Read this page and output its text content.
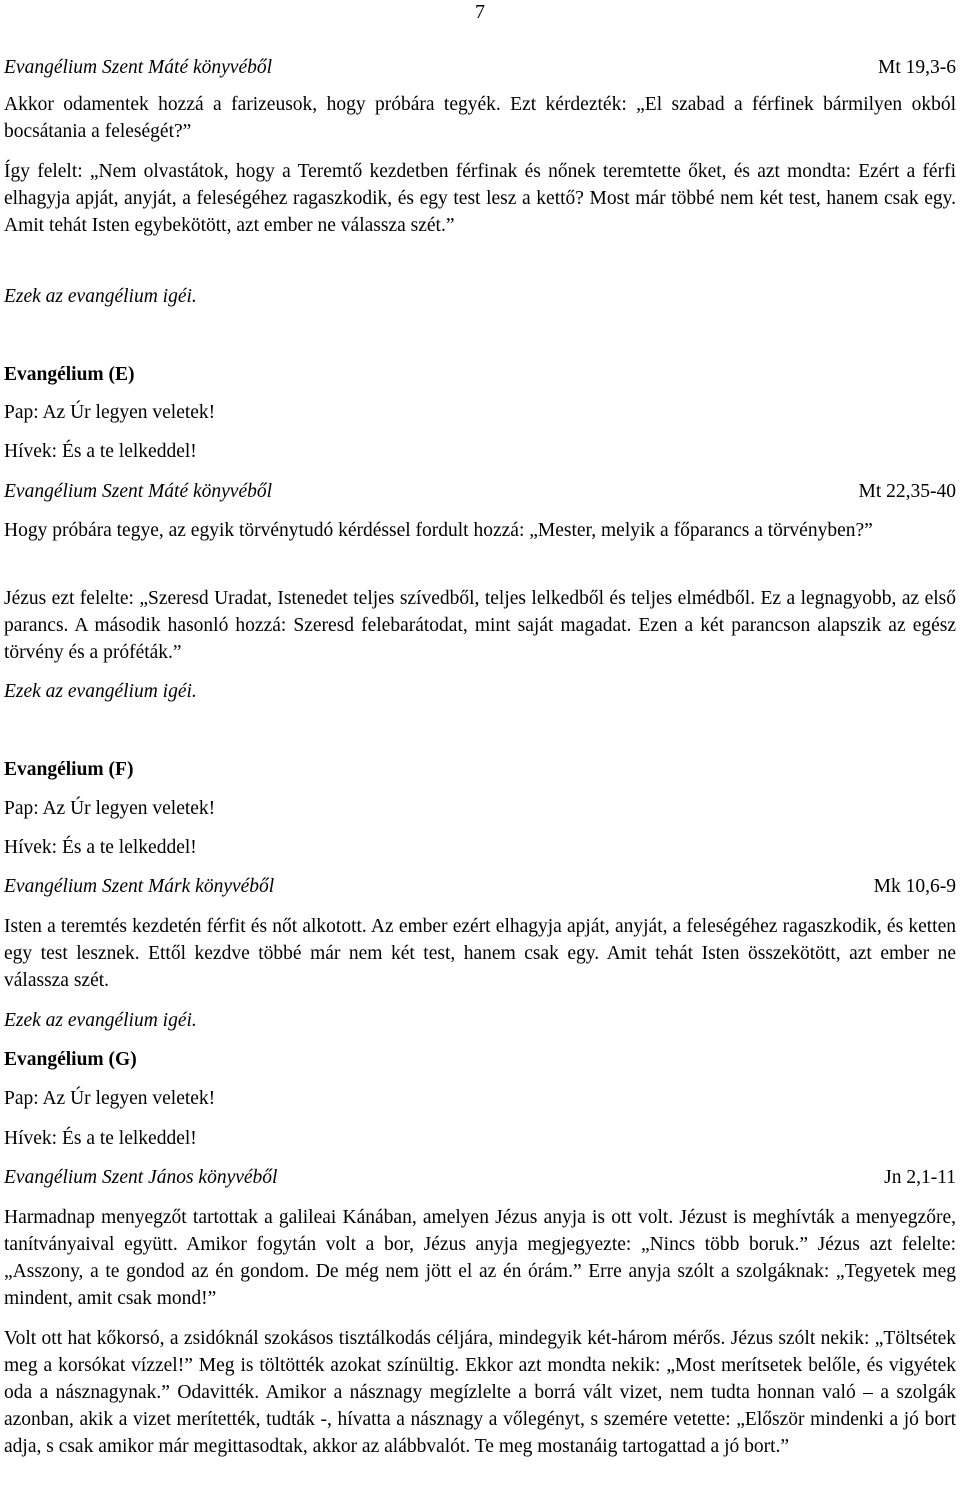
7
Evangélium Szent Máté könyvéből	Mt 19,3-6

Akkor odamentek hozzá a farizeusok, hogy próbára tegyék. Ezt kérdezték: „El szabad a férfinek bármilyen okból bocsátania a feleségét?”

Így felelt: „Nem olvastátok, hogy a Teremtő kezdetben férfinak és nőnek teremtette őket, és azt mondta: Ezért a férfi elhagyja apját, anyját, a feleségéhez ragaszkodik, és egy test lesz a kettő? Most már többé nem két test, hanem csak egy. Amit tehát Isten egybekötött, azt ember ne válassza szét.”

Ezek az evangélium igéi.
Evangélium (E)
Pap: Az Úr legyen veletek!
Hívek: És a te lelkeddel!
Evangélium Szent Máté könyvéből	Mt 22,35-40

Hogy próbára tegye, az egyik törvénytudó kérdéssel fordult hozzá: „Mester, melyik a főparancs a törvényben?”

Jézus ezt felelte: „Szeresd Uradat, Istenedet teljes szívedből, teljes lelkedből és teljes elmédből. Ez a legnagyobb, az első parancs. A második hasonló hozzá: Szeresd felebarátodat, mint saját magadat. Ezen a két parancson alapszik az egész törvény és a próféták.”

Ezek az evangélium igéi.
Evangélium (F)
Pap: Az Úr legyen veletek!
Hívek: És a te lelkeddel!
Evangélium Szent Márk könyvéből	Mk 10,6-9

Isten a teremtés kezdetén férfit és nőt alkotott. Az ember ezért elhagyja apját, anyját, a feleségéhez ragaszkodik, és ketten egy test lesznek. Ettől kezdve többé már nem két test, hanem csak egy. Amit tehát Isten összekötött, azt ember ne válassza szét.

Ezek az evangélium igéi.
Evangélium (G)
Pap: Az Úr legyen veletek!
Hívek: És a te lelkeddel!
Evangélium Szent János könyvéből	Jn 2,1-11

Harmadnap menyegzőt tartottak a galileai Kánában, amelyen Jézus anyja is ott volt. Jézust is meghívták a menyegzőre, tanítványaival együtt. Amikor fogytán volt a bor, Jézus anyja megjegyezte: „Nincs több boruk.” Jézus azt felelte: „Asszony, a te gondod az én gondom. De még nem jött el az én órám.” Erre anyja szólt a szolgáknak: „Tegyetek meg mindent, amit csak mond!”

Volt ott hat kőkorsó, a zsidóknál szokásos tisztálkodás céljára, mindegyik két-három mérős. Jézus szólt nekik: „Töltsétek meg a korsókat vízzel!” Meg is töltötték azokat színültig. Ekkor azt mondta nekik: „Most merítsetek belőle, és vigyétek oda a násznagynak.” Odavitték. Amikor a násznagy megízlelte a borrá vált vizet, nem tudta honnan való – a szolgák azonban, akik a vizet merítették, tudták -, hívatta a násznagy a vőlegényt, s szemére vetette: „Először mindenki a jó bort adja, s csak amikor már megittasodtak, akkor az alábbvalót. Te meg mostanáig tartogattad a jó bort.”
